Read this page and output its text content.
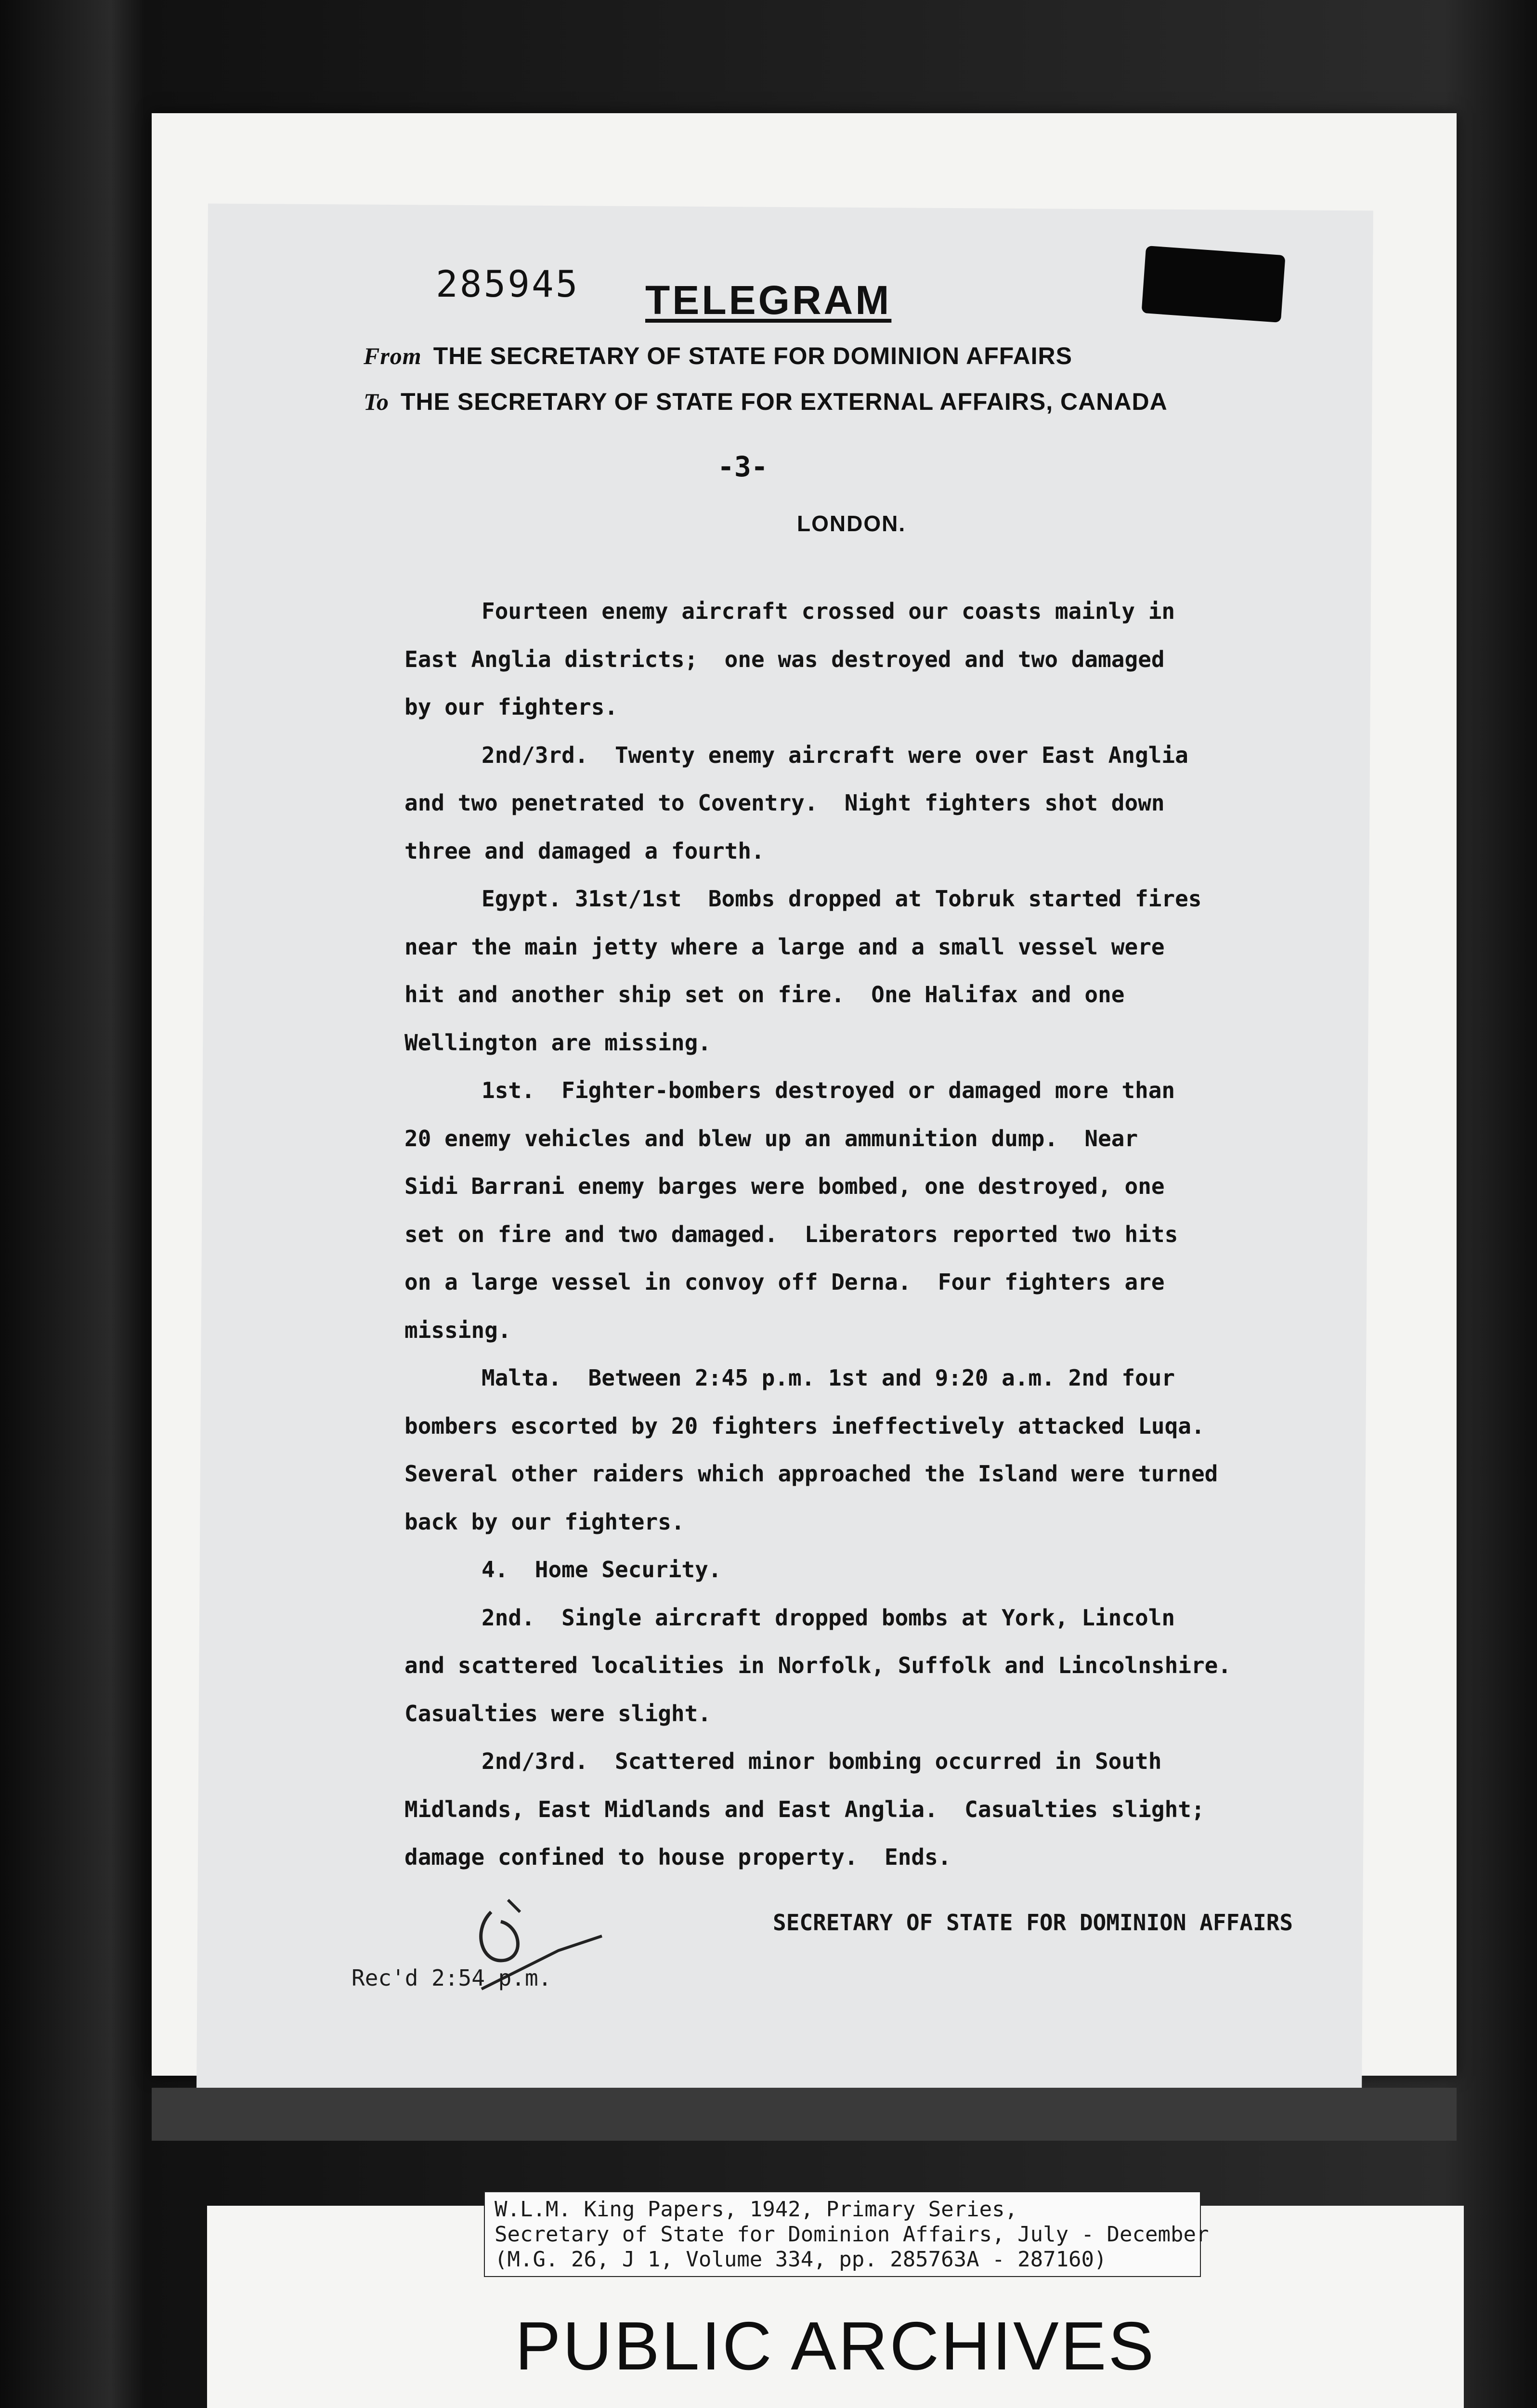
285945 TELEGRAM
From THE SECRETARY OF STATE FOR DOMINION AFFAIRS
To THE SECRETARY OF STATE FOR EXTERNAL AFFAIRS, CANADA
-3-
LONDON.

Fourteen enemy aircraft crossed our coasts mainly in

East Anglia districts;  one was destroyed and two damaged

by our fighters.

2nd/3rd.  Twenty enemy aircraft were over East Anglia

and two penetrated to Coventry.  Night fighters shot down

three and damaged a fourth.

Egypt. 31st/1st  Bombs dropped at Tobruk started fires

near the main jetty where a large and a small vessel were

hit and another ship set on fire.  One Halifax and one

Wellington are missing.

1st.  Fighter-bombers destroyed or damaged more than

20 enemy vehicles and blew up an ammunition dump.  Near

Sidi Barrani enemy barges were bombed, one destroyed, one

set on fire and two damaged.  Liberators reported two hits

on a large vessel in convoy off Derna.  Four fighters are

missing.

Malta.  Between 2:45 p.m. 1st and 9:20 a.m. 2nd four

bombers escorted by 20 fighters ineffectively attacked Luqa.

Several other raiders which approached the Island were turned

back by our fighters.

4.  Home Security.

2nd.  Single aircraft dropped bombs at York, Lincoln

and scattered localities in Norfolk, Suffolk and Lincolnshire.

Casualties were slight.

2nd/3rd.  Scattered minor bombing occurred in South

Midlands, East Midlands and East Anglia.  Casualties slight;

damage confined to house property.  Ends.

SECRETARY OF STATE FOR DOMINION AFFAIRS
Rec'd 2:54 p.m.
W.L.M. King Papers, 1942, Primary Series,
Secretary of State for Dominion Affairs, July - December
(M.G. 26, J 1, Volume 334, pp. 285763A - 287160)
PUBLIC ARCHIVES
